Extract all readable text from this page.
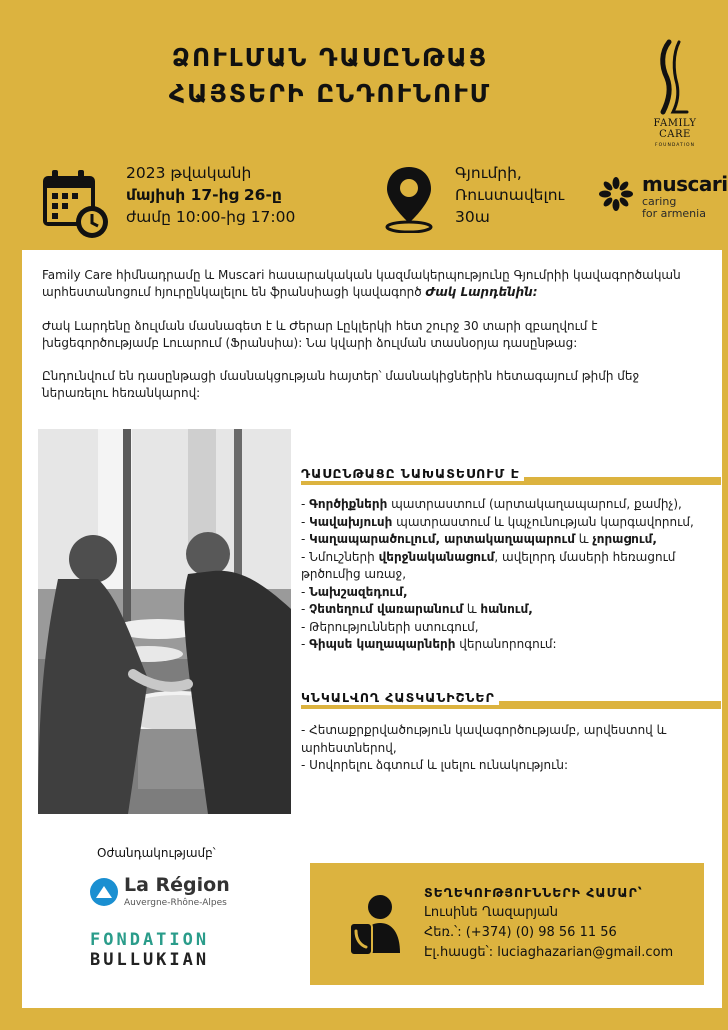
ՁՈՒԼՄԱՆ ԴԱՍԸՆԹԱՑ
ՀԱՅՏԵՐԻ ԸՆԴՈՒՆՈՒՄ
FAMILY
CARE
FOUNDATION
2023 թվականի
մայիսի 17-ից 26-ը
ժամը 10:00-ից 17:00
Գյումրի,
Ռուստավելու
30ա
muscari
caring
for armenia
Family Care հիմնադրամը և Muscari հասարակական կազմակերպությունը Գյումրիի կավագործական արհեստանոցում հյուրընկալելու են ֆրանսիացի կավագործ Ժակ Լարդենին:
Ժակ Լարդենը ձուլման մասնագետ է և Ժերար Լըկլերկի հետ շուրջ 30 տարի զբաղվում է խեցեգործությամբ Լուարում (Ֆրանսիա): Նա կվարի ձուլման տասնօրյա դասընթաց:
Ընդունվում են դասընթացի մասնակցության հայտեր՝ մասնակիցներին հետագայում թիմի մեջ ներառելու հեռանկարով:
ԴԱՍԸՆԹԱՑԸ ՆԱԽԱՏԵՍՈՒՄ Է
- Գործիքների պատրաստում (արտակաղապարում, քամիչ),
- Կավախյուսի պատրաստում և կպչունության կարգավորում,
- Կաղապարածուլում, արտակաղապարում և չորացում,
- Նմուշների վերջնականացում, ավելորդ մասերի հեռացում թրծումից առաջ,
- Նախշազեդում,
- Չետեղում վառարանում և հանում,
- Թերությունների ստուգում,
- Գիպսե կաղապարների վերանորոգում:
ԿՆԿԱԼՎՈՂ ՀԱՏԿԱՆԻՇՆԵՐ
- Հետաքրքրվածություն կավագործությամբ, արվեստով և արհեստներով,
- Սովորելու ձգտում և լսելու ունակություն:
Օժանդակությամբ՝
La Région
Auvergne-Rhône-Alpes
FONDATION
BULLUKIAN
ՏԵՂԵԿՈՒԹՅՈՒՆՆԵՐԻ ՀԱՄԱՐ՝
Լուսինե Ղազարյան
Հեռ.՝: (+374) (0) 98 56 11 56
Էլ.հասցե՝: luciaghazarian@gmail.com
